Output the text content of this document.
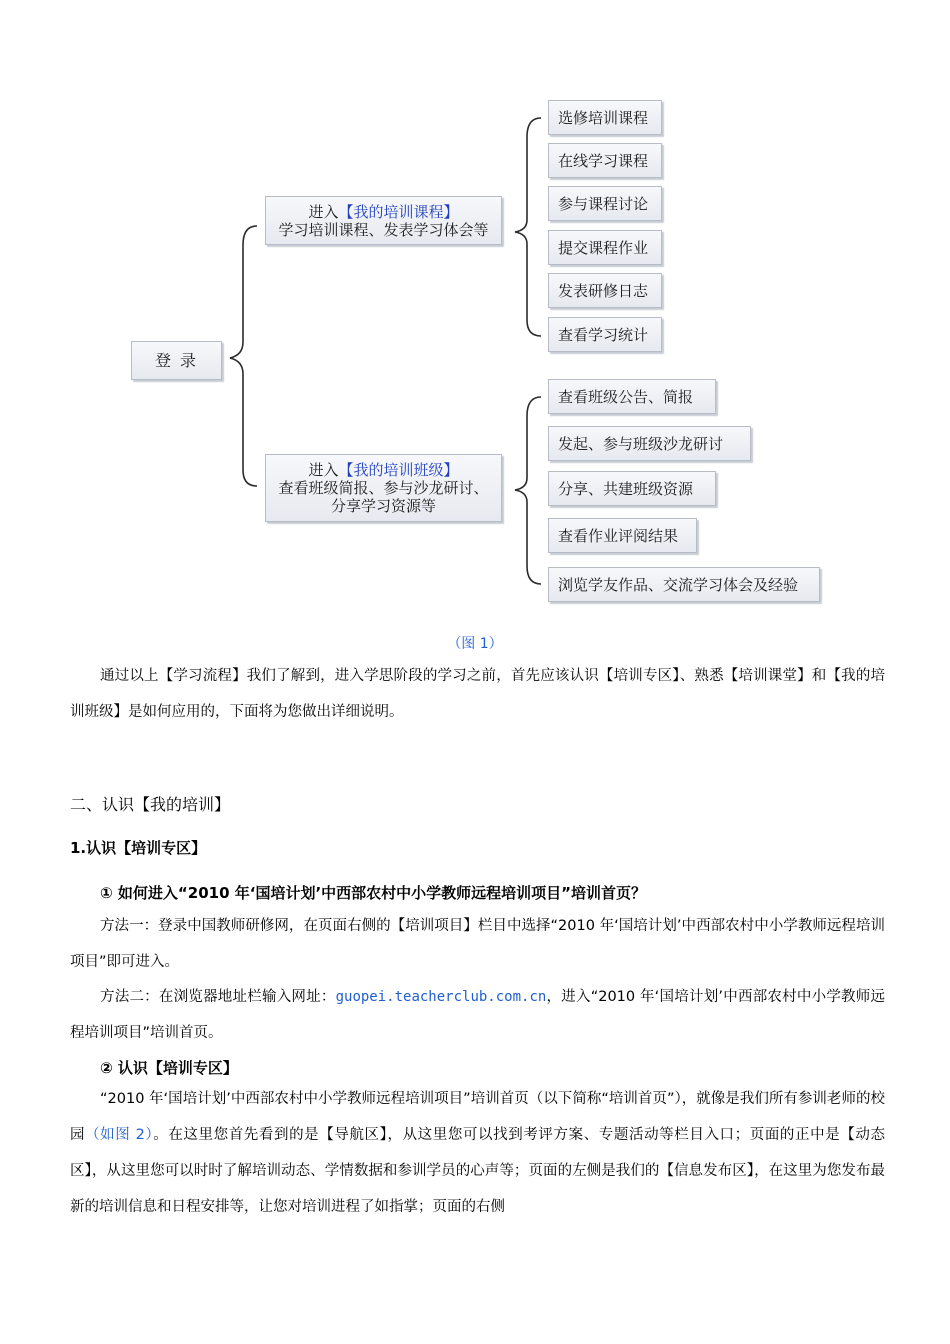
登 录
进入【我的培训课程】
学习培训课程、发表学习体会等
进入【我的培训班级】
查看班级简报、参与沙龙研讨、
分享学习资源等
选修培训课程
在线学习课程
参与课程讨论
提交课程作业
发表研修日志
查看学习统计
查看班级公告、简报
发起、参与班级沙龙研讨
分享、共建班级资源
查看作业评阅结果
浏览学友作品、交流学习体会及经验
（图 1）
通过以上【学习流程】我们了解到，进入学思阶段的学习之前，首先应该认识【培训专区】、熟悉【培训课堂】和【我的培训班级】是如何应用的，下面将为您做出详细说明。
二、认识【我的培训】
1.认识【培训专区】
① 如何进入“2010 年‘国培计划’中西部农村中小学教师远程培训项目”培训首页？
方法一：登录中国教师研修网，在页面右侧的【培训项目】栏目中选择“2010 年‘国培计划’中西部农村中小学教师远程培训项目”即可进入。
方法二：在浏览器地址栏输入网址：guopei.teacherclub.com.cn，进入“2010 年‘国培计划’中西部农村中小学教师远程培训项目”培训首页。
② 认识【培训专区】
“2010 年‘国培计划’中西部农村中小学教师远程培训项目”培训首页（以下简称“培训首页”），就像是我们所有参训老师的校园（如图 2）。在这里您首先看到的是【导航区】，从这里您可以找到考评方案、专题活动等栏目入口；页面的正中是【动态区】，从这里您可以时时了解培训动态、学情数据和参训学员的心声等；页面的左侧是我们的【信息发布区】，在这里为您发布最新的培训信息和日程安排等，让您对培训进程了如指掌；页面的右侧
